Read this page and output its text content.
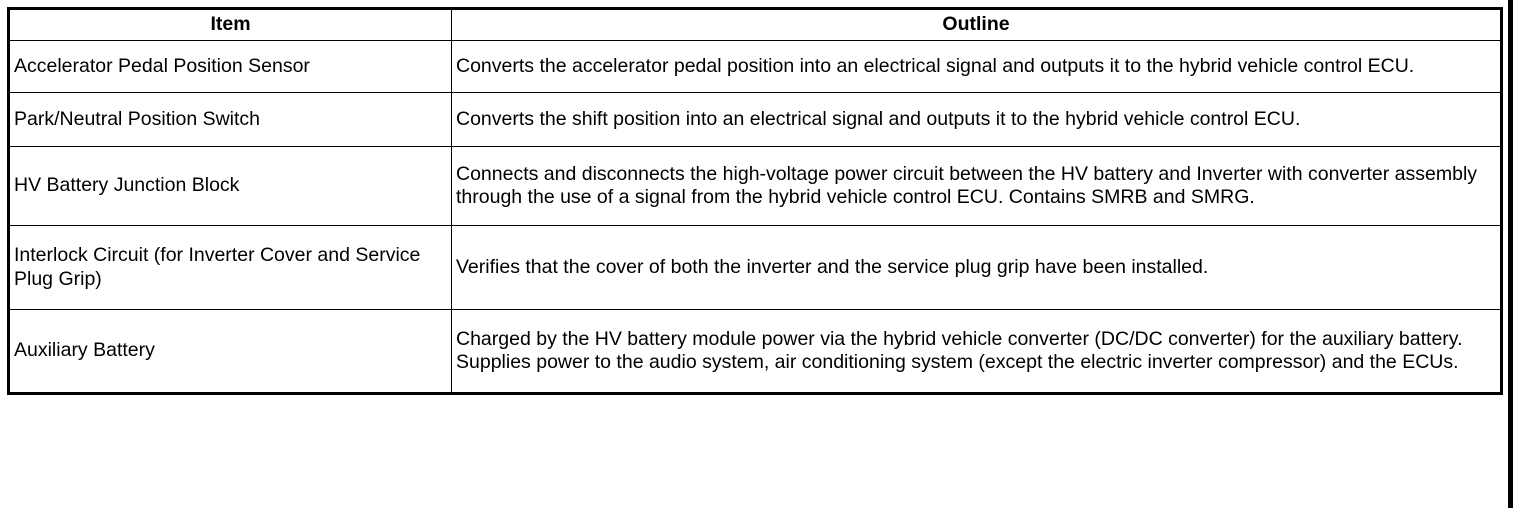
Item	Outline
Accelerator Pedal Position Sensor	Converts the accelerator pedal position into an electrical signal and outputs it to the hybrid vehicle control ECU.
Park/Neutral Position Switch	Converts the shift position into an electrical signal and outputs it to the hybrid vehicle control ECU.
HV Battery Junction Block	Connects and disconnects the high-voltage power circuit between the HV battery and Inverter with converter assembly through the use of a signal from the hybrid vehicle control ECU. Contains SMRB and SMRG.
Interlock Circuit (for Inverter Cover and Service Plug Grip)	Verifies that the cover of both the inverter and the service plug grip have been installed.
Auxiliary Battery	Charged by the HV battery module power via the hybrid vehicle converter (DC/DC converter) for the auxiliary battery. Supplies power to the audio system, air conditioning system (except the electric inverter compressor) and the ECUs.
